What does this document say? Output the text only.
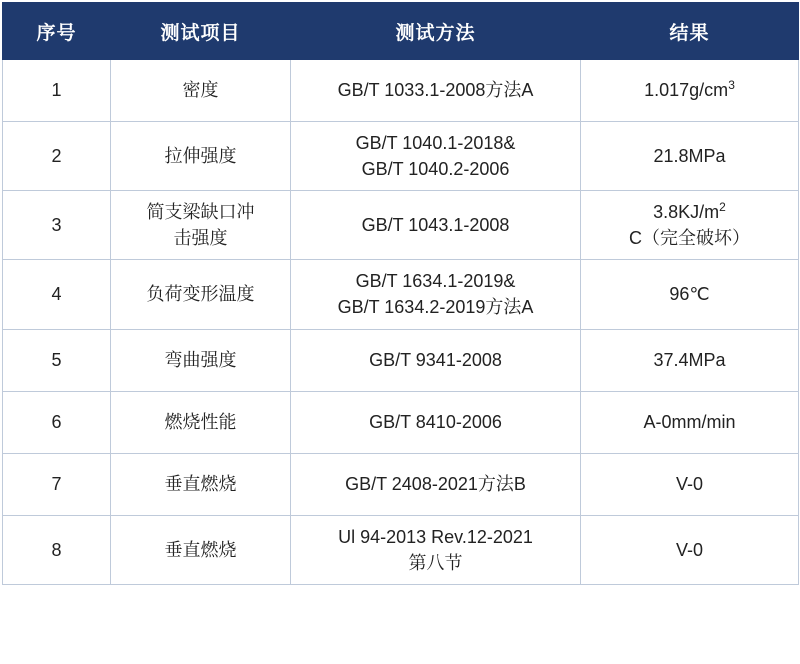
序号	测试项目	测试方法	结果
1	密度	GB/T 1033.1-2008方法A	$1.017g/cm^3$
2	拉伸强度	GB/T 1040.1-2018&
GB/T 1040.2-2006	21.8MPa
3	简支梁缺口冲
击强度	GB/T 1043.1-2008	$3.8KJ/m^2$
C（完全破坏）

4	负荷变形温度	GB/T 1634.1-2019&
GB/T 1634.2-2019方法A	96℃
5	弯曲强度	GB/T 9341-2008	37.4MPa
6	燃烧性能	GB/T 8410-2006	A-0mm/min
7	垂直燃烧	GB/T 2408-2021方法B	V-0
8	垂直燃烧	Ul 94-2013 Rev.12-2021
第八节	V-0
